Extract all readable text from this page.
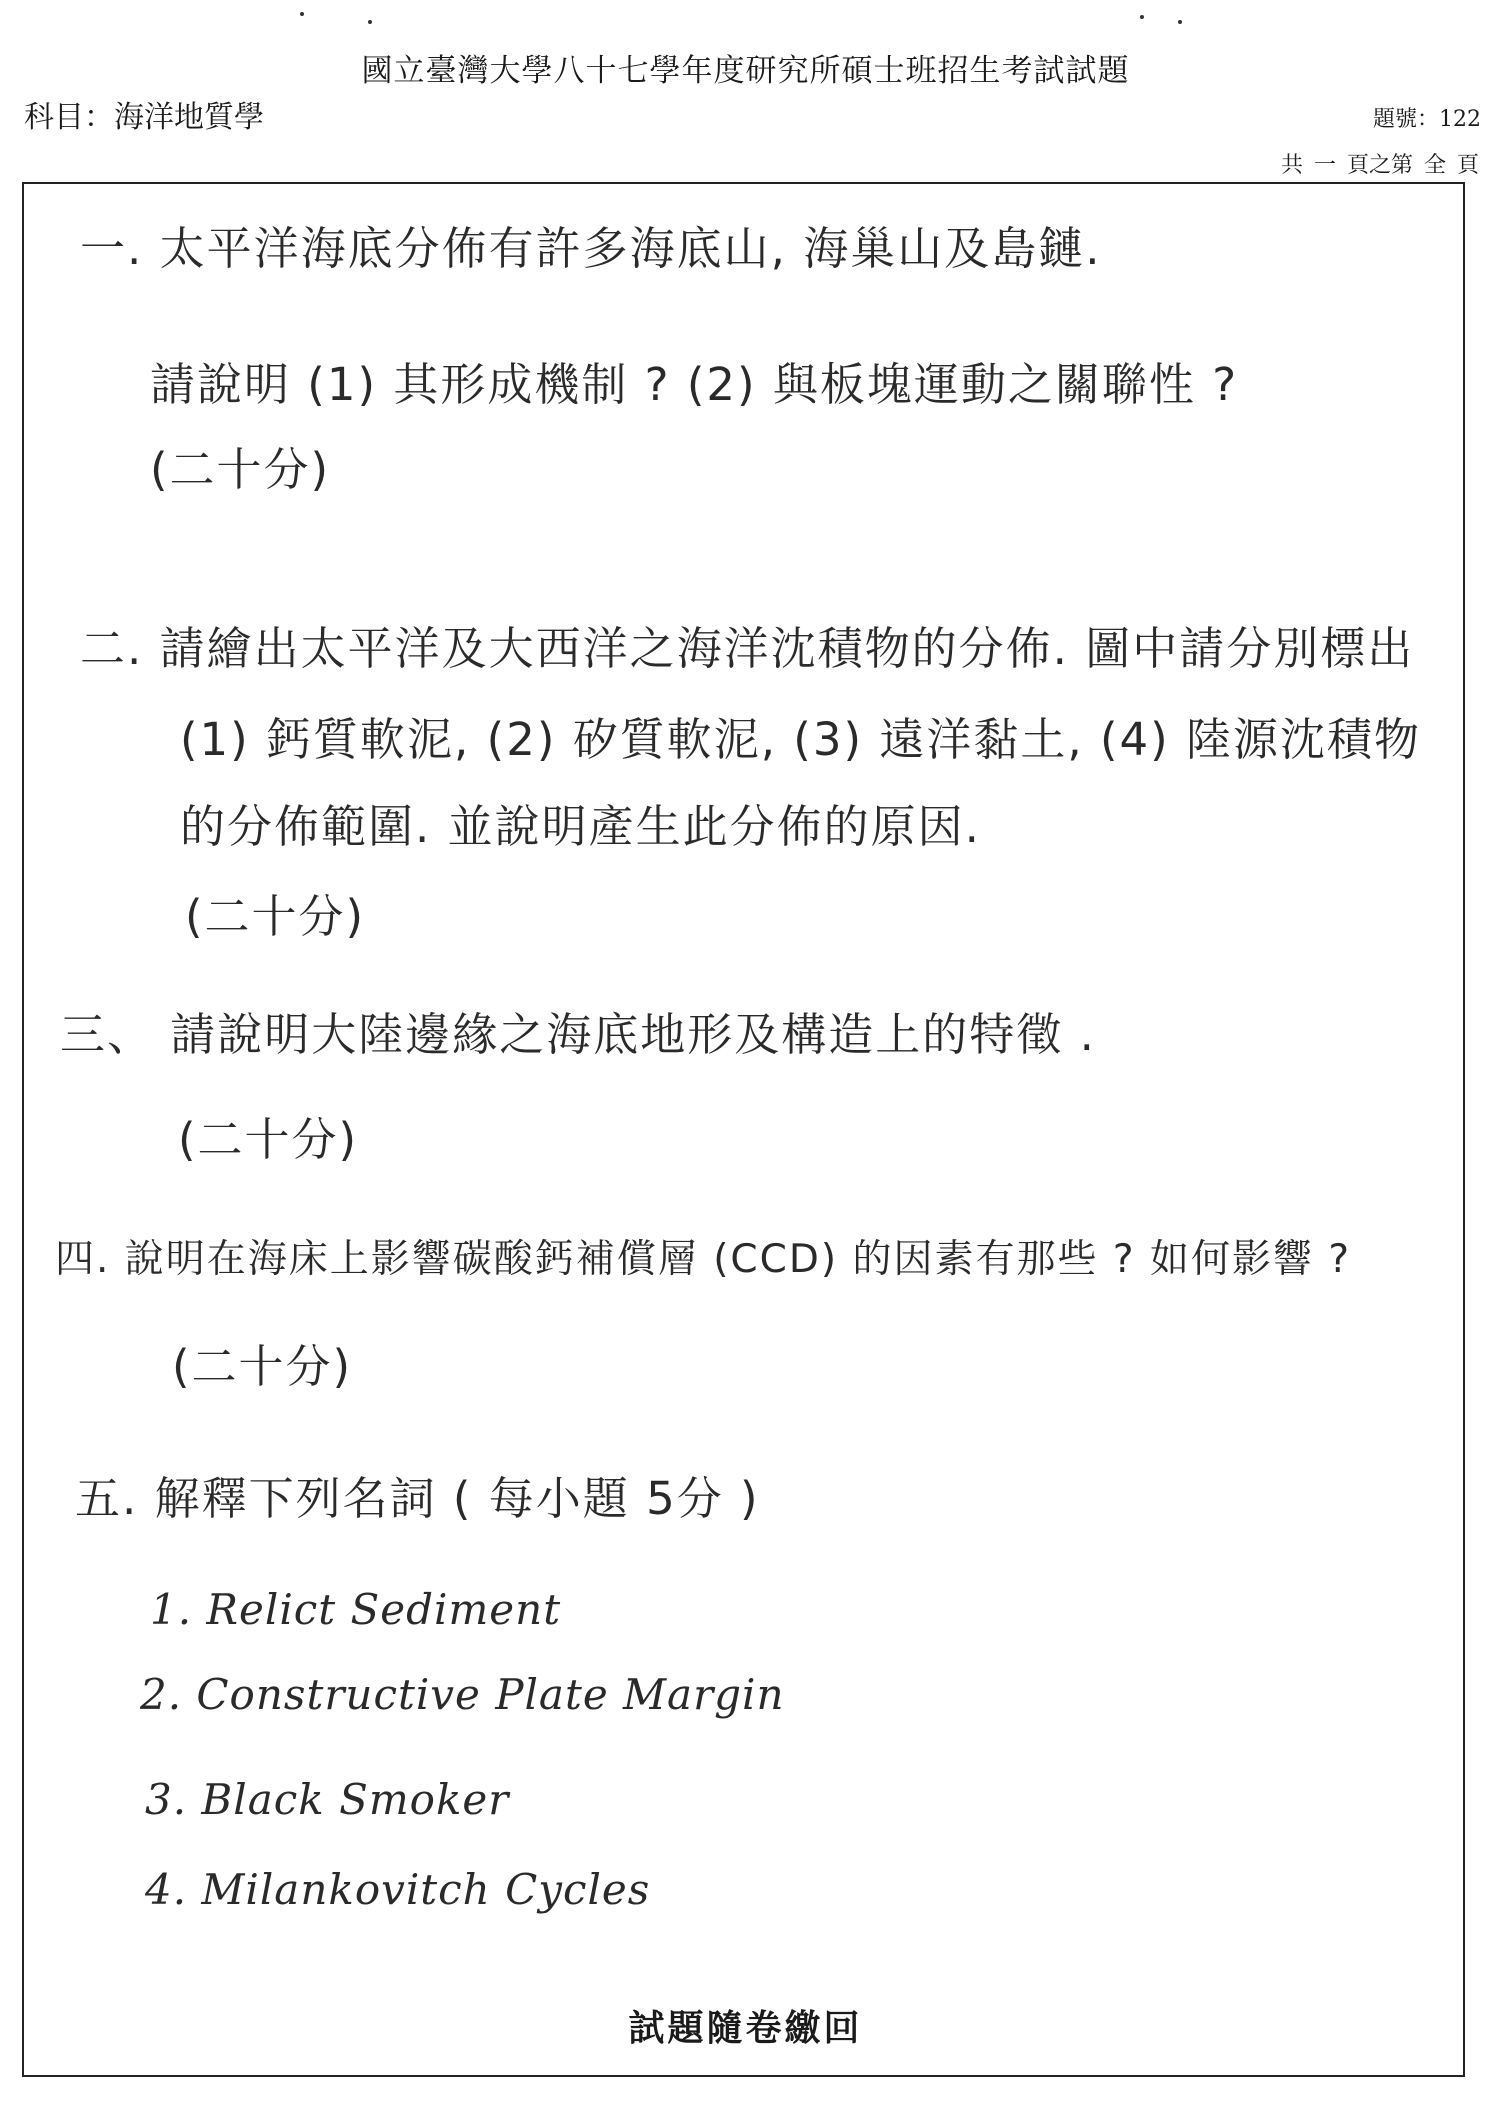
國立臺灣大學八十七學年度研究所碩士班招生考試試題
科目：海洋地質學	題號：122
共 一 頁之第 全 頁
一. 太平洋海底分佈有許多海底山, 海巢山及島鏈.
請說明 (1) 其形成機制 ? (2) 與板塊運動之關聯性 ?
(二十分)
二. 請繪出太平洋及大西洋之海洋沈積物的分佈. 圖中請分別標出
(1) 鈣質軟泥, (2) 矽質軟泥, (3) 遠洋黏土, (4) 陸源沈積物
的分佈範圍. 並說明產生此分佈的原因.
(二十分)
三、 請說明大陸邊緣之海底地形及構造上的特徵 .
(二十分)
四. 說明在海床上影響碳酸鈣補償層 (CCD) 的因素有那些 ? 如何影響 ?
(二十分)
五. 解釋下列名詞 ( 每小題 5分 )
1. Relict Sediment
2. Constructive Plate Margin
3. Black Smoker
4. Milankovitch Cycles
試題隨卷繳回
